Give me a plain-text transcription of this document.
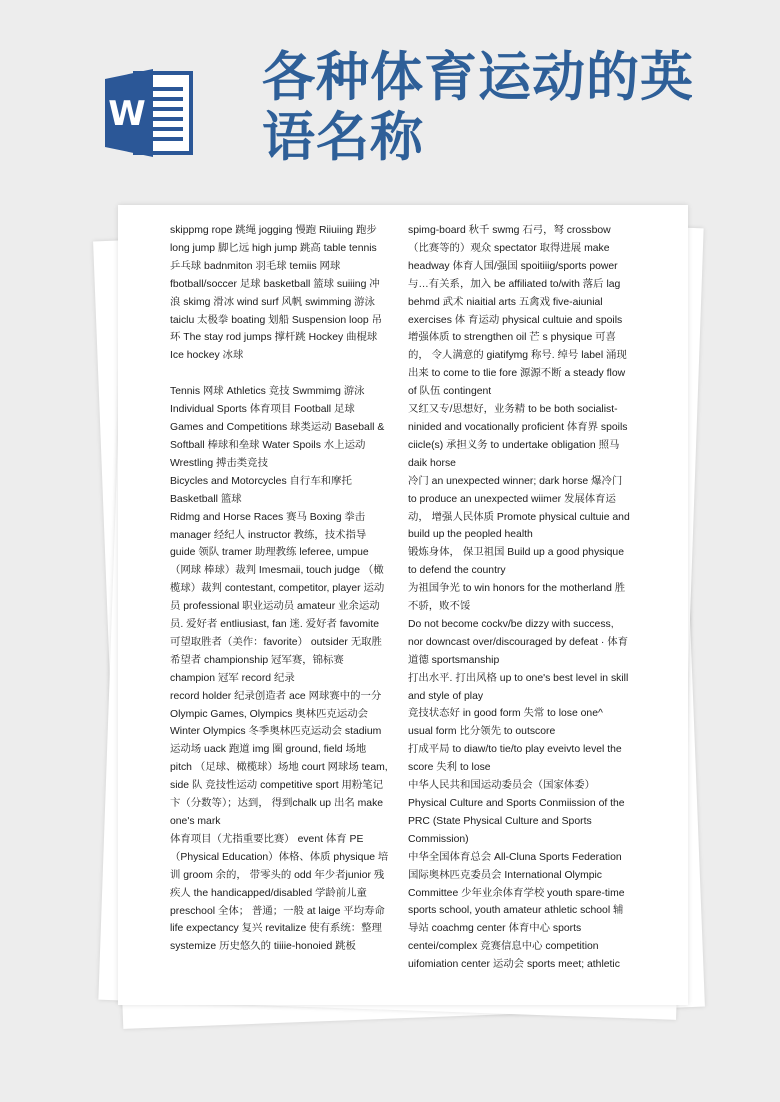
W
各种体育运动的英
语名称

skippmg rope 跳绳 jogging 慢跑 Riiuiing 跑步 long jump 脚匕远 high jump 跳高 table tennis 乒乓球 badnmiton 羽毛球 temiis 网球 fbotball/soccer 足球 basketball 篮球 suiiing 冲浪 skimg 滑冰 wind surf 风帆 swimming 游泳 taiclu 太极拳 boating 划船 Suspension loop 吊环 The stay rod jumps 撑杆跳 Hockey 曲棍球 Ice hockey 冰球

Tennis 网球 Athletics 竞技 Swmmimg 游泳 Individual Sports 体育项目 Football 足球

Games and Competitions 球类运动 Baseball & Softball 棒球和垒球 Water Spoils 水上运动 Wrestling 搏击类竞技

Bicycles and Motorcycles 自行车和摩托

Basketball 篮球

Ridmg and Horse Races 赛马 Boxing 拳击 manager 经纪人 instructor 教练，技术指导 guide 领队 tramer 助理教练 leferee, umpue （网球 棒球）裁判 Imesmaii, touch judge （橄榄球）裁判 contestant, competitor, player 运动员 professional 职业运动员 amateur 业余运动员. 爱好者 entliusiast, fan 迷. 爱好者 favomite 可望取胜者（美作：favorite） outsider 无取胜希望者 championship 冠军赛，锦标赛 champion 冠军 record 纪录

record holder 纪录创造者 ace 网球赛中的一分 Olympic Games, Olympics 奥林匹克运动会 Winter Olympics 冬季奥林匹克运动会 stadium 运动场 uack 跑道 img 圈 ground, field 场地 pitch （足球、橄榄球）场地 court 网球场 team, side 队 竞技性运动 competitive sport 用粉笔记卞（分数等）；达到， 得到chalk up 出名 make one's mark

体育项目（尤指重要比赛） event 体育 PE （Physical Education）体格、体质 physique 培训 groom 余的， 带零头的 odd 年少者junior 残疾人 the handicapped/disabled 学龄前儿童 preschool 全体； 普通；一般 at laige 平均寿命 life expectancy 复兴 revitalize 使有系统：整理 systemize 历史悠久的 tiiiie-honoied 跳板

spimg-board 秋千 swmg 石弓，弩 crossbow （比赛等的）观众 spectator 取得进展 make headway 体育人国/强国 spoitiiig/sports power 与…有关系，加入 be affiliated to/with 落后 lag behmd 武术 niaitial arts 五禽戏 five-aiunial exercises 体 育运动 physical cultuie and spoils 增强体质 to strengthen oil 芒 s physique 可喜的， 令人满意的 giatifymg 称号. 绰号 label 涌现出来 to come to tlie fore 源源不断 a steady flow of 队伍 contingent

又红又专/思想好，业务精 to be both socialist-ninided and vocationally proficient 体育界 spoils ciicle(s) 承担义务 to undertake obligation 照马 daik horse

冷门 an unexpected winner; dark horse 爆冷门 to produce an unexpected wiimer 发展体育运动， 增强人民体质 Promote physical cultuie and build up the peopled health

锻炼身体， 保卫祖国 Build up a good physique to defend the country

为祖国争光 to win honors for the motherland 胜不骄，败不馁

Do not become cockv/be dizzy with success, nor downcast over/discouraged by defeat · 体育道德 sportsmanship

打出水平. 打出风格 up to one's best level in skill and style of play

竞技状态好 in good form 失常 to lose one^ usual form 比分领先 to outscore

打成平局 to diaw/to tie/to play eveivto level the score 失利 to lose

中华人民共和国运动委员会（国家体委） Physical Culture and Sports Conmiission of the PRC (State Physical Culture and Sports Commission)

中华全国体育总会 All-Cluna Sports Federation 国际奥林匹克委员会 International Olympic Committee 少年业余体育学校 youth spare-time sports school, youth amateur athletic school 辅导站 coachmg center 体育中心 sports centei/complex 竞赛信息中心 competition uifomiation center 运动会 sports meet; athletic
